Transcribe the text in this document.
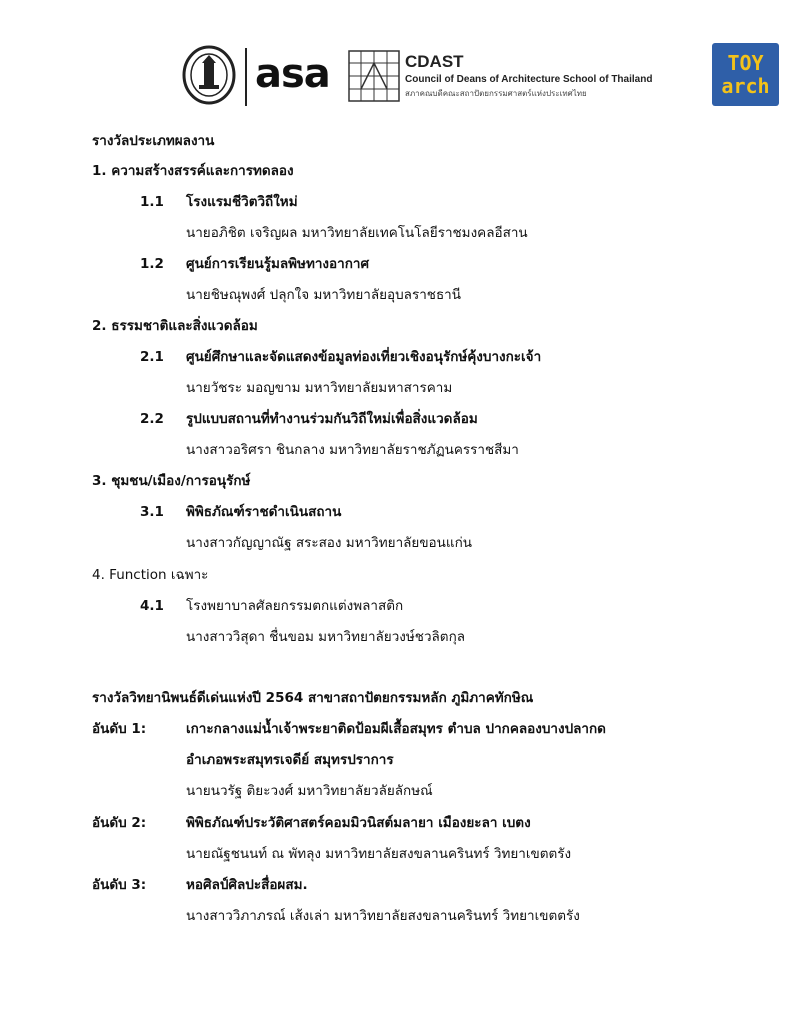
asa	CDAST
Council of Deans of Architecture School of Thailand
สภาคณบดีคณะสถาปัตยกรรมศาสตร์แห่งประเทศไทย
TOY
arch
รางวัลประเภทผลงาน
1. ความสร้างสรรค์และการทดลอง
1.1 โรงแรมชีวิตวิถีใหม่
นายอภิชิต เจริญผล มหาวิทยาลัยเทคโนโลยีราชมงคลอีสาน
1.2 ศูนย์การเรียนรู้มลพิษทางอากาศ
นายชิษณุพงศ์ ปลุกใจ มหาวิทยาลัยอุบลราชธานี
2. ธรรมชาติและสิ่งแวดล้อม
2.1 ศูนย์ศึกษาและจัดแสดงข้อมูลท่องเที่ยวเชิงอนุรักษ์คุ้งบางกะเจ้า
นายวัชระ มอญขาม มหาวิทยาลัยมหาสารคาม
2.2 รูปแบบสถานที่ทำงานร่วมกันวิถีใหม่เพื่อสิ่งแวดล้อม
นางสาวอริศรา ชินกลาง มหาวิทยาลัยราชภัฏนครราชสีมา
3. ชุมชน/เมือง/การอนุรักษ์
3.1 พิพิธภัณฑ์ราชดำเนินสถาน
นางสาวกัญญาณัฐ สระสอง มหาวิทยาลัยขอนแก่น
4. Function เฉพาะ
4.1 โรงพยาบาลศัลยกรรมตกแต่งพลาสติก
นางสาววิสุดา ชื่นขอม มหาวิทยาลัยวงษ์ชวลิตกุล
รางวัลวิทยานิพนธ์ดีเด่นแห่งปี 2564 สาขาสถาปัตยกรรมหลัก ภูมิภาคทักษิณ
อันดับ 1:	เกาะกลางแม่น้ำเจ้าพระยาติดป้อมผีเสื้อสมุทร ตำบล ปากคลองบางปลากด
อำเภอพระสมุทรเจดีย์ สมุทรปราการ
นายนวรัฐ ติยะวงศ์ มหาวิทยาลัยวลัยลักษณ์
อันดับ 2:	พิพิธภัณฑ์ประวัติศาสตร์คอมมิวนิสต์มลายา เมืองยะลา เบตง
นายณัฐชนนท์ ณ พัทลุง มหาวิทยาลัยสงขลานครินทร์ วิทยาเขตตรัง
อันดับ 3:	หอศิลป์ศิลปะสื่อผสม.
นางสาววิภาภรณ์ เส้งเล่า มหาวิทยาลัยสงขลานครินทร์ วิทยาเขตตรัง
